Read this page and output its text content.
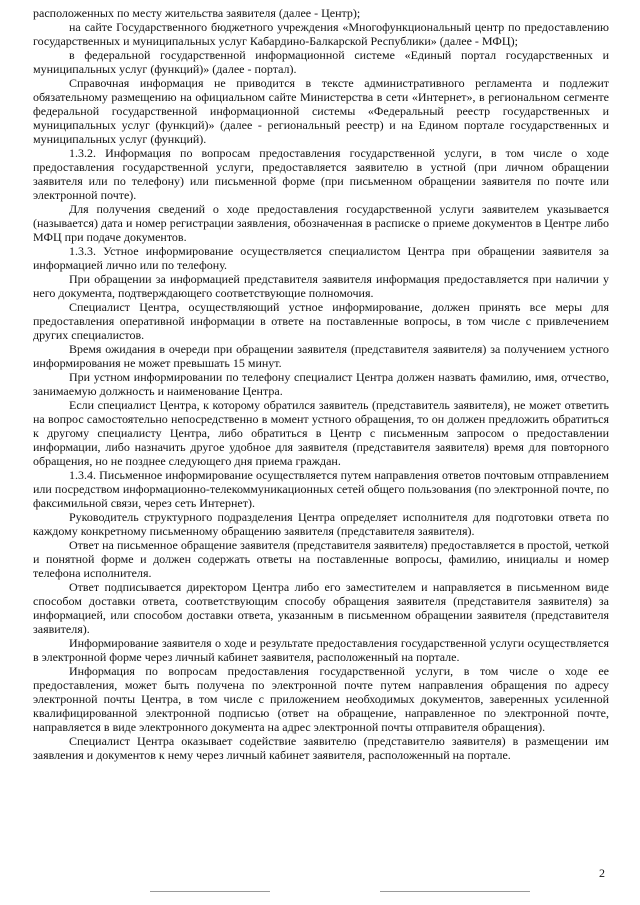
расположенных по месту жительства заявителя (далее - Центр);

на сайте Государственного бюджетного учреждения «Многофункциональный центр по предоставлению государственных и муниципальных услуг Кабардино-Балкарской Республики» (далее - МФЦ);

в федеральной государственной информационной системе «Единый портал государственных и муниципальных услуг (функций)» (далее - портал).

Справочная информация не приводится в тексте административного регламента и подлежит обязательному размещению на официальном сайте Министерства в сети «Интернет», в региональном сегменте федеральной государственной информационной системы «Федеральный реестр государственных и муниципальных услуг (функций)» (далее - региональный реестр) и на Едином портале государственных и муниципальных услуг (функций).

1.3.2. Информация по вопросам предоставления государственной услуги, в том числе о ходе предоставления государственной услуги, предоставляется заявителю в устной (при личном обращении заявителя или по телефону) или письменной форме (при письменном обращении заявителя по почте или электронной почте).

Для получения сведений о ходе предоставления государственной услуги заявителем указывается (называется) дата и номер регистрации заявления, обозначенная в расписке о приеме документов в Центре либо МФЦ при подаче документов.

1.3.3. Устное информирование осуществляется специалистом Центра при обращении заявителя за информацией лично или по телефону.

При обращении за информацией представителя заявителя информация предоставляется при наличии у него документа, подтверждающего соответствующие полномочия.

Специалист Центра, осуществляющий устное информирование, должен принять все меры для предоставления оперативной информации в ответе на поставленные вопросы, в том числе с привлечением других специалистов.

Время ожидания в очереди при обращении заявителя (представителя заявителя) за получением устного информирования не может превышать 15 минут.

При устном информировании по телефону специалист Центра должен назвать фамилию, имя, отчество, занимаемую должность и наименование Центра.

Если специалист Центра, к которому обратился заявитель (представитель заявителя), не может ответить на вопрос самостоятельно непосредственно в момент устного обращения, то он должен предложить обратиться к другому специалисту Центра, либо обратиться в Центр с письменным запросом о предоставлении информации, либо назначить другое удобное для заявителя (представителя заявителя) время для повторного обращения, но не позднее следующего дня приема граждан.

1.3.4. Письменное информирование осуществляется путем направления ответов почтовым отправлением или посредством информационно-телекоммуникационных сетей общего пользования (по электронной почте, по факсимильной связи, через сеть Интернет).

Руководитель структурного подразделения Центра определяет исполнителя для подготовки ответа по каждому конкретному письменному обращению заявителя (представителя заявителя).

Ответ на письменное обращение заявителя (представителя заявителя) предоставляется в простой, четкой и понятной форме и должен содержать ответы на поставленные вопросы, фамилию, инициалы и номер телефона исполнителя.

Ответ подписывается директором Центра либо его заместителем и направляется в письменном виде способом доставки ответа, соответствующим способу обращения заявителя (представителя заявителя) за информацией, или способом доставки ответа, указанным в письменном обращении заявителя (представителя заявителя).

Информирование заявителя о ходе и результате предоставления государственной услуги осуществляется в электронной форме через личный кабинет заявителя, расположенный на портале.

Информация по вопросам предоставления государственной услуги, в том числе о ходе ее предоставления, может быть получена по электронной почте путем направления обращения по адресу электронной почты Центра, в том числе с приложением необходимых документов, заверенных усиленной квалифицированной электронной подписью (ответ на обращение, направленное по электронной почте, направляется в виде электронного документа на адрес электронной почты отправителя обращения).

Специалист Центра оказывает содействие заявителю (представителю заявителя) в размещении им заявления и документов к нему через личный кабинет заявителя, расположенный на портале.

2
